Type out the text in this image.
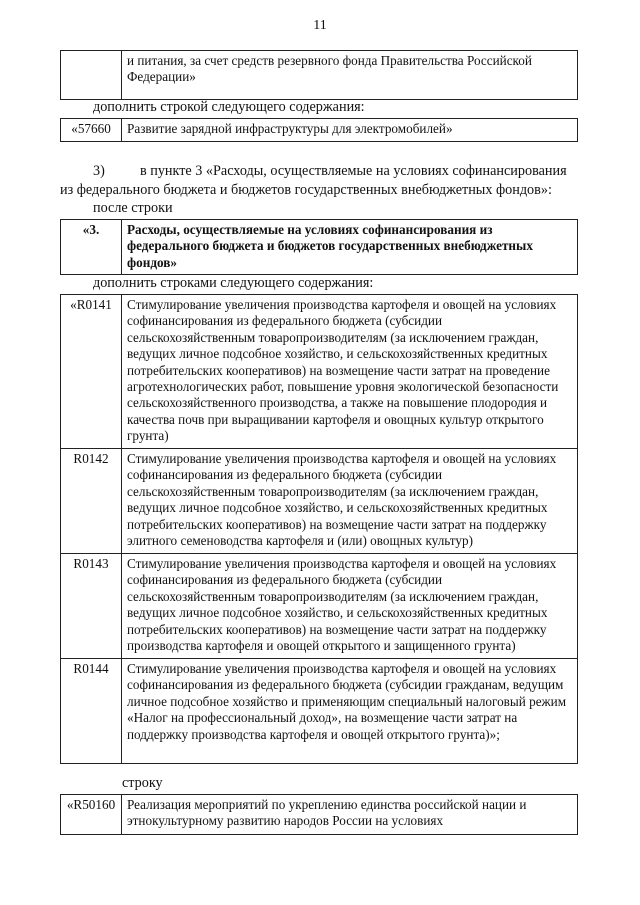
11
	и питания, за счет средств резервного фонда Правительства Российской Федерации»
дополнить строкой следующего содержания:
«57660	Развитие зарядной инфраструктуры для электромобилей»
3)	в пункте 3 «Расходы, осуществляемые на условиях софинансирования
из федерального бюджета и бюджетов государственных внебюджетных фондов»:
после строки
«3.	Расходы, осуществляемые на условиях софинансирования из федерального бюджета и бюджетов государственных внебюджетных фондов»
дополнить строками следующего содержания:
«R0141	Стимулирование увеличения производства картофеля и овощей на условиях софинансирования из федерального бюджета (субсидии сельскохозяйственным товаропроизводителям (за исключением граждан, ведущих личное подсобное хозяйство, и сельскохозяйственных кредитных потребительских кооперативов) на возмещение части затрат на проведение агротехнологических работ, повышение уровня экологической безопасности сельскохозяйственного производства, а также на повышение плодородия и качества почв при выращивании картофеля и овощных культур открытого грунта)
R0142	Стимулирование увеличения производства картофеля и овощей на условиях софинансирования из федерального бюджета (субсидии сельскохозяйственным товаропроизводителям (за исключением граждан, ведущих личное подсобное хозяйство, и сельскохозяйственных кредитных потребительских кооперативов) на возмещение части затрат на поддержку элитного семеноводства картофеля и (или) овощных культур)
R0143	Стимулирование увеличения производства картофеля и овощей на условиях софинансирования из федерального бюджета (субсидии сельскохозяйственным товаропроизводителям (за исключением граждан, ведущих личное подсобное хозяйство, и сельскохозяйственных кредитных потребительских кооперативов) на возмещение части затрат на поддержку производства картофеля и овощей открытого и защищенного грунта)
R0144	Стимулирование увеличения производства картофеля и овощей на условиях софинансирования из федерального бюджета (субсидии гражданам, ведущим личное подсобное хозяйство и применяющим специальный налоговый режим «Налог на профессиональный доход», на возмещение части затрат на поддержку производства картофеля и овощей открытого грунта)»;
строку
«R50160	Реализация мероприятий по укреплению единства российской нации и этнокультурному развитию народов России на условиях
